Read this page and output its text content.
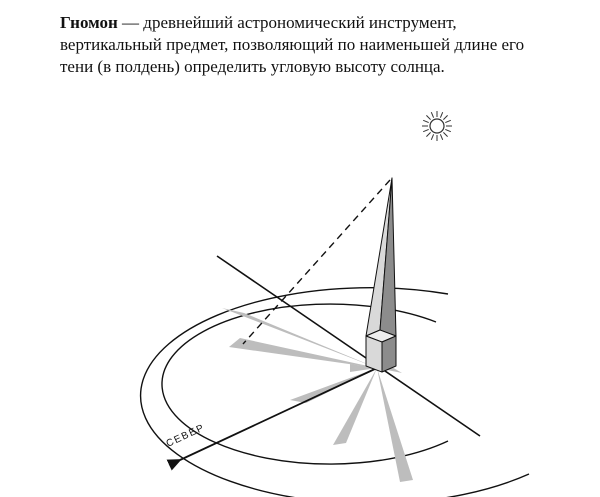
Гномон — древнейший астрономический инструмент, вертикальный предмет, позволяющий по наименьшей длине его тени (в полдень) определить угловую высоту солнца.

СЕВЕР
